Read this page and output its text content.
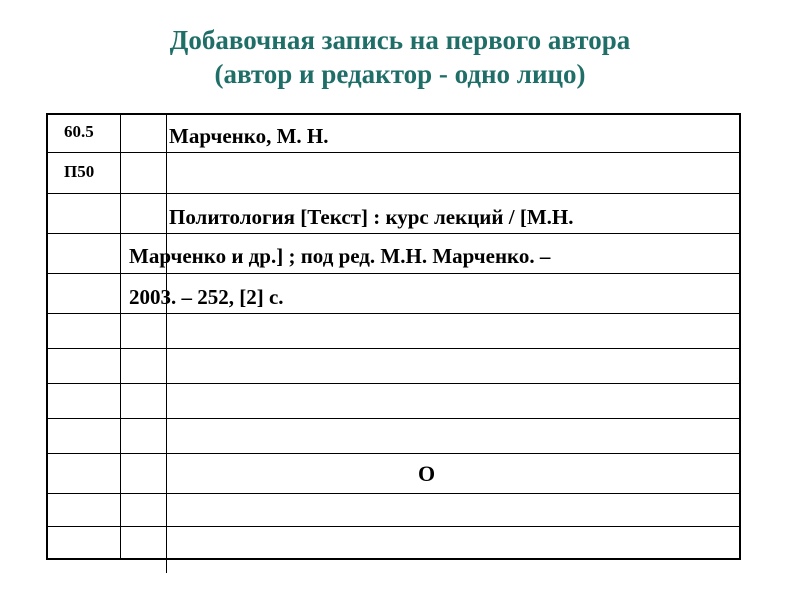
Добавочная запись на первого автора
(автор и редактор - одно лицо)
60.5
П50
Марченко, М. Н.
Политология [Текст] : курс лекций / [М.Н.
Марченко и др.] ; под ред. М.Н. Марченко. –
2003. – 252, [2] с.
О
